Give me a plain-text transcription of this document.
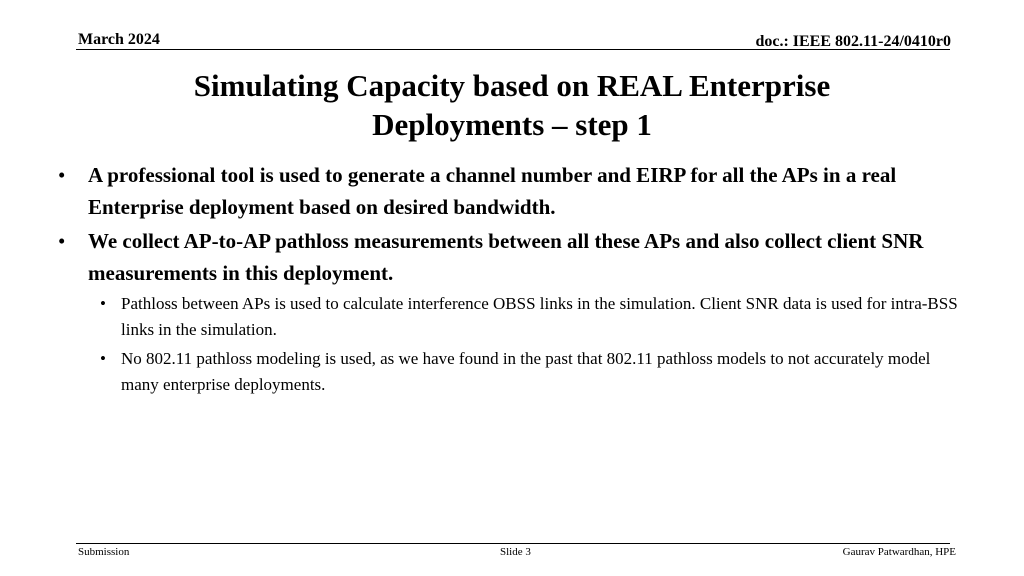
March 2024	doc.: IEEE 802.11-24/0410r0
Simulating Capacity based on REAL Enterprise
Deployments – step 1
• A professional tool is used to generate a channel number and EIRP for all the APs in a real Enterprise deployment based on desired bandwidth.
• We collect AP-to-AP pathloss measurements between all these APs and also collect client SNR measurements in this deployment.
• Pathloss between APs is used to calculate interference OBSS links in the simulation. Client SNR data is used for intra-BSS links in the simulation.
• No 802.11 pathloss modeling is used, as we have found in the past that 802.11 pathloss models to not accurately model many enterprise deployments.
Submission	Slide 3	Gaurav Patwardhan, HPE
